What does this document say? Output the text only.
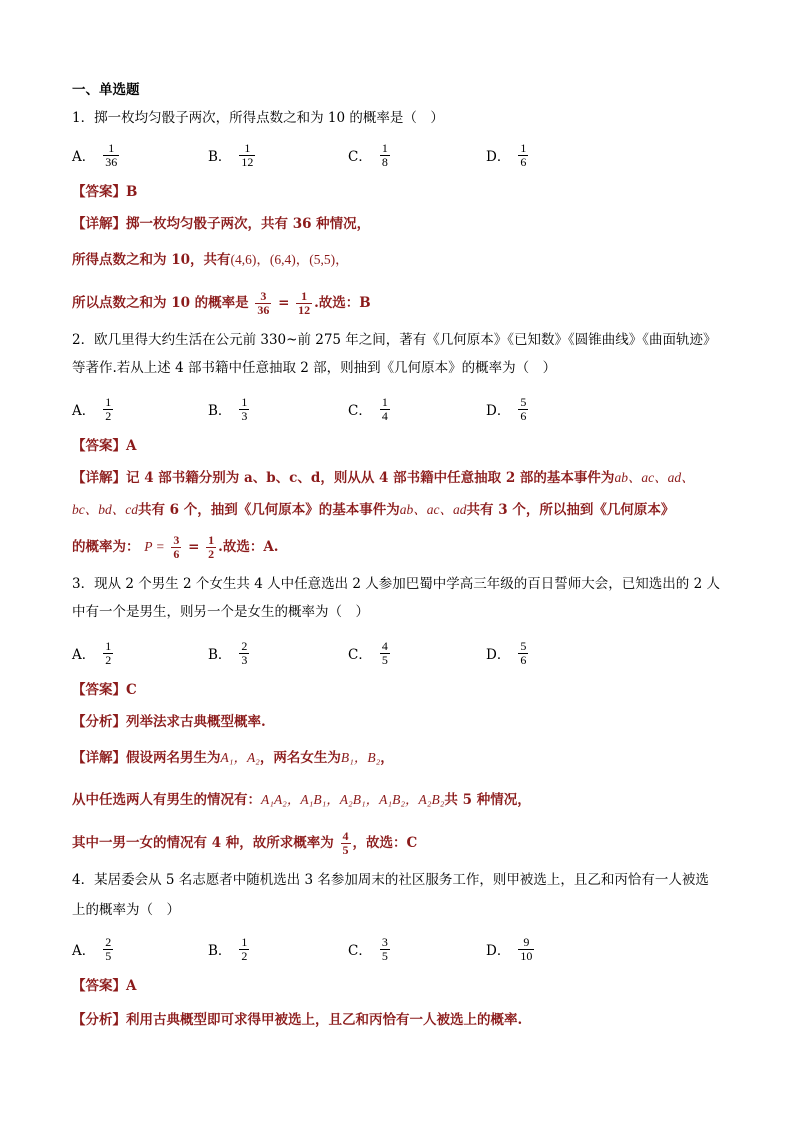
一、单选题
1．掷一枚均匀骰子两次，所得点数之和为 10 的概率是（　）
A． $\frac{1}{36}$	B． $\frac{1}{12}$	C． $\frac{1}{8}$	D． $\frac{1}{6}$
【答案】B
【详解】掷一枚均匀骰子两次，共有 36 种情况，
所得点数之和为 10，共有(4,6)，(6,4)，(5,5)，
所以点数之和为 10 的概率是 $\frac{3}{36} = \frac{1}{12}$ .故选：B
2．欧几里得大约生活在公元前 330~前 275 年之间，著有《几何原本》《已知数》《圆锥曲线》《曲面轨迹》
等著作.若从上述 4 部书籍中任意抽取 2 部，则抽到《几何原本》的概率为（　）
A． $\frac{1}{2}$	B． $\frac{1}{3}$	C． $\frac{1}{4}$	D． $\frac{5}{6}$
【答案】A
【详解】记 4 部书籍分别为 a、b、c、d，则从从 4 部书籍中任意抽取 2 部的基本事件为ab、ac、ad、
bc、bd、cd共有 6 个，抽到《几何原本》的基本事件为ab、ac、ad共有 3 个，所以抽到《几何原本》
的概率为： $P = \frac{3}{6} = \frac{1}{2}$ .故选：A.
3．现从 2 个男生 2 个女生共 4 人中任意选出 2 人参加巴蜀中学高三年级的百日誓师大会，已知选出的 2 人
中有一个是男生，则另一个是女生的概率为（　）
A． $\frac{1}{2}$	B． $\frac{2}{3}$	C． $\frac{4}{5}$	D． $\frac{5}{6}$
【答案】C
【分析】列举法求古典概型概率.
【详解】假设两名男生为A₁，A₂，两名女生为B₁，B₂，
从中任选两人有男生的情况有：A₁A₂，A₁B₁，A₂B₁，A₁B₂，A₂B₂共 5 种情况，
其中一男一女的情况有 4 种，故所求概率为 $\frac{4}{5}$ ，故选：C
4．某居委会从 5 名志愿者中随机选出 3 名参加周末的社区服务工作，则甲被选上，且乙和丙恰有一人被选
上的概率为（　）
A． $\frac{2}{5}$	B． $\frac{1}{2}$	C． $\frac{3}{5}$	D． $\frac{9}{10}$
【答案】A
【分析】利用古典概型即可求得甲被选上，且乙和丙恰有一人被选上的概率.
